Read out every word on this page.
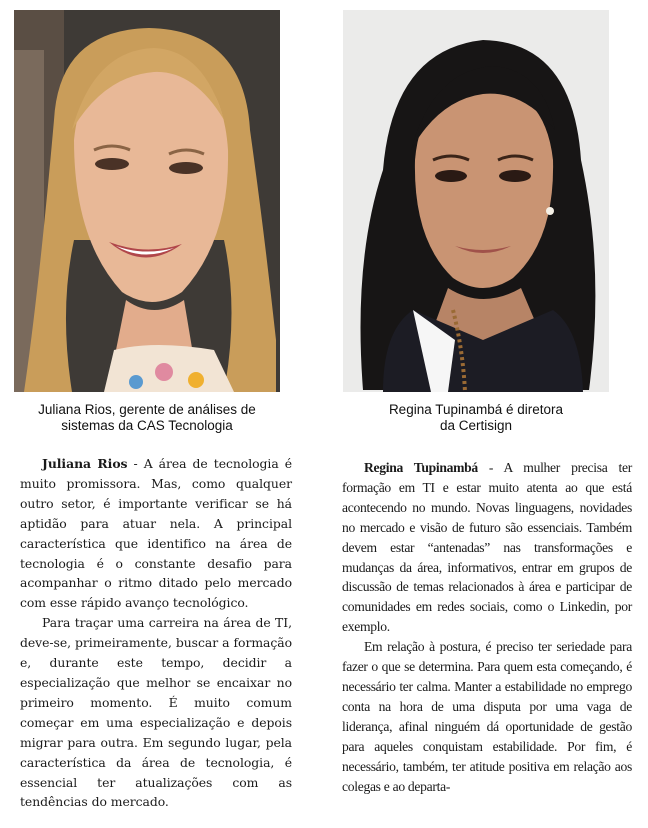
Juliana Rios, gerente de análises de
sistemas da CAS Tecnologia

Regina Tupinambá é diretora
da Certisign

Juliana Rios - A área de tecnologia é muito promissora. Mas, como qualquer outro setor, é importante verificar se há aptidão para atuar nela. A principal característica que identifico na área de tecnologia é o constante desafio para acompanhar o ritmo ditado pelo mercado com esse rápido avanço tecnológico.

Para traçar uma carreira na área de TI, deve-se, primeiramente, buscar a formação e, durante este tempo, decidir a especialização que melhor se encaixar no primeiro momento. É muito comum começar em uma especialização e depois migrar para outra. Em segundo lugar, pela característica da área de tecnologia, é essencial ter atualizações com as tendências do mercado.

Regina Tupinambá - A mulher precisa ter formação em TI e estar muito atenta ao que está acontecendo no mundo. Novas linguagens, novidades no mercado e visão de futuro são essenciais. Também devem estar “antenadas” nas transformações e mudanças da área, informativos, entrar em grupos de discussão de temas relacionados à área e participar de comunidades em redes sociais, como o Linkedin, por exemplo.

Em relação à postura, é preciso ter seriedade para fazer o que se determina. Para quem esta começando, é necessário ter calma. Manter a estabilidade no emprego conta na hora de uma disputa por uma vaga de liderança, afinal ninguém dá oportunidade de gestão para aqueles conquistam estabilidade. Por fim, é necessário, também, ter atitude positiva em relação aos colegas e ao departa-
